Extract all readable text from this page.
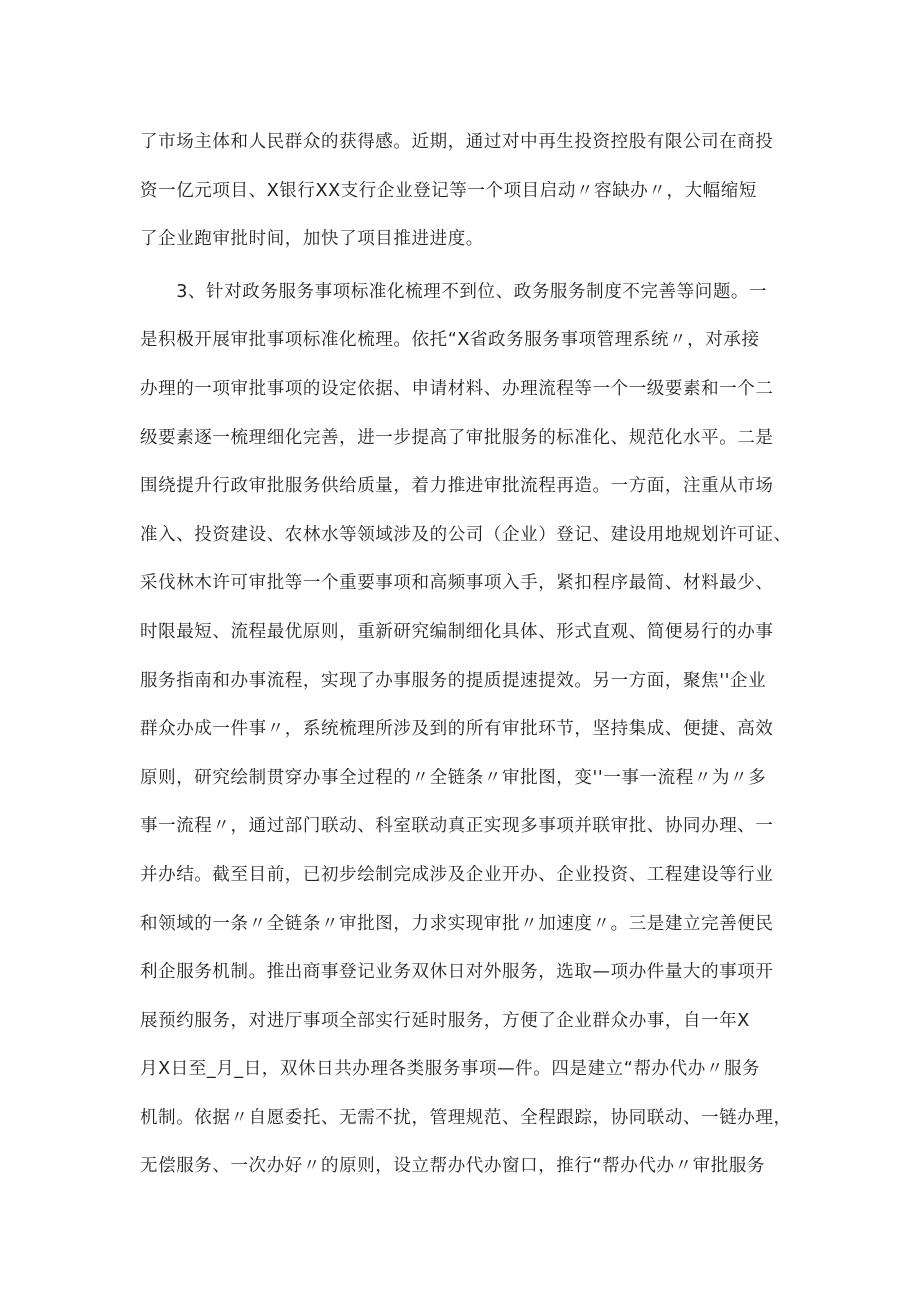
了市场主体和人民群众的获得感。近期，通过对中再生投资控股有限公司在商投
资一亿元项目、X银行XX支行企业登记等一个项目启动〃容缺办〃，大幅缩短
了企业跑审批时间，加快了项目推进进度。
　　3、针对政务服务事项标准化梳理不到位、政务服务制度不完善等问题。一
是积极开展审批事项标准化梳理。依托“X省政务服务事项管理系统〃，对承接
办理的一项审批事项的设定依据、申请材料、办理流程等一个一级要素和一个二
级要素逐一梳理细化完善，进一步提高了审批服务的标准化、规范化水平。二是
围绕提升行政审批服务供给质量，着力推进审批流程再造。一方面，注重从市场
准入、投资建设、农林水等领域涉及的公司（企业）登记、建设用地规划许可证、
采伐林木许可审批等一个重要事项和高频事项入手，紧扣程序最简、材料最少、
时限最短、流程最优原则，重新研究编制细化具体、形式直观、简便易行的办事
服务指南和办事流程，实现了办事服务的提质提速提效。另一方面，聚焦''企业
群众办成一件事〃，系统梳理所涉及到的所有审批环节，坚持集成、便捷、高效
原则，研究绘制贯穿办事全过程的〃全链条〃审批图，变''一事一流程〃为〃多
事一流程〃，通过部门联动、科室联动真正实现多事项并联审批、协同办理、一
并办结。截至目前，已初步绘制完成涉及企业开办、企业投资、工程建设等行业
和领域的一条〃全链条〃审批图，力求实现审批〃加速度〃。三是建立完善便民
利企服务机制。推出商事登记业务双休日对外服务，选取—项办件量大的事项开
展预约服务，对进厅事项全部实行延时服务，方便了企业群众办事，自一年X
月X日至_月_日，双休日共办理各类服务事项—件。四是建立“帮办代办〃服务
机制。依据〃自愿委托、无需不扰，管理规范、全程跟踪，协同联动、一链办理，
无偿服务、一次办好〃的原则，设立帮办代办窗口，推行“帮办代办〃审批服务
